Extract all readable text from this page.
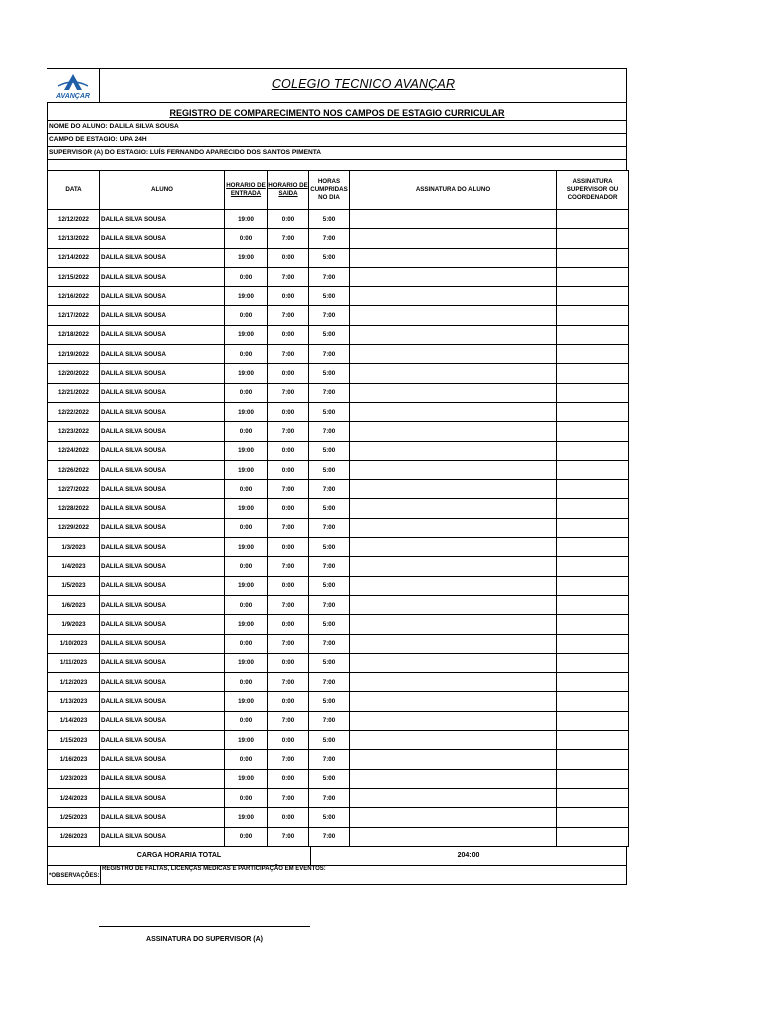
AVANÇAR
COLEGIO TECNICO AVANÇAR
REGISTRO DE COMPARECIMENTO NOS CAMPOS DE ESTAGIO CURRICULAR
NOME DO ALUNO: DALILA SILVA SOUSA
CAMPO DE ESTAGIO: UPA 24H
SUPERVISOR (A) DO ESTAGIO: LUÍS FERNANDO APARECIDO DOS SANTOS PIMENTA
DATA	ALUNO	HORARIO DE ENTRADA	HORARIO DE SAIDA	HORAS CUMPRIDAS NO DIA	ASSINATURA DO ALUNO	ASSINATURA SUPERVISOR OU COORDENADOR
12/12/2022	DALILA SILVA SOUSA	19:00	0:00	5:00		
12/13/2022	DALILA SILVA SOUSA	0:00	7:00	7:00		
12/14/2022	DALILA SILVA SOUSA	19:00	0:00	5:00		
12/15/2022	DALILA SILVA SOUSA	0:00	7:00	7:00		
12/16/2022	DALILA SILVA SOUSA	19:00	0:00	5:00		
12/17/2022	DALILA SILVA SOUSA	0:00	7:00	7:00		
12/18/2022	DALILA SILVA SOUSA	19:00	0:00	5:00		
12/19/2022	DALILA SILVA SOUSA	0:00	7:00	7:00		
12/20/2022	DALILA SILVA SOUSA	19:00	0:00	5:00		
12/21/2022	DALILA SILVA SOUSA	0:00	7:00	7:00		
12/22/2022	DALILA SILVA SOUSA	19:00	0:00	5:00		
12/23/2022	DALILA SILVA SOUSA	0:00	7:00	7:00		
12/24/2022	DALILA SILVA SOUSA	19:00	0:00	5:00		
12/26/2022	DALILA SILVA SOUSA	19:00	0:00	5:00		
12/27/2022	DALILA SILVA SOUSA	0:00	7:00	7:00		
12/28/2022	DALILA SILVA SOUSA	19:00	0:00	5:00		
12/29/2022	DALILA SILVA SOUSA	0:00	7:00	7:00		
1/3/2023	DALILA SILVA SOUSA	19:00	0:00	5:00		
1/4/2023	DALILA SILVA SOUSA	0:00	7:00	7:00		
1/5/2023	DALILA SILVA SOUSA	19:00	0:00	5:00		
1/6/2023	DALILA SILVA SOUSA	0:00	7:00	7:00		
1/9/2023	DALILA SILVA SOUSA	19:00	0:00	5:00		
1/10/2023	DALILA SILVA SOUSA	0:00	7:00	7:00		
1/11/2023	DALILA SILVA SOUSA	19:00	0:00	5:00		
1/12/2023	DALILA SILVA SOUSA	0:00	7:00	7:00		
1/13/2023	DALILA SILVA SOUSA	19:00	0:00	5:00		
1/14/2023	DALILA SILVA SOUSA	0:00	7:00	7:00		
1/15/2023	DALILA SILVA SOUSA	19:00	0:00	5:00		
1/16/2023	DALILA SILVA SOUSA	0:00	7:00	7:00		
1/23/2023	DALILA SILVA SOUSA	19:00	0:00	5:00		
1/24/2023	DALILA SILVA SOUSA	0:00	7:00	7:00		
1/25/2023	DALILA SILVA SOUSA	19:00	0:00	5:00		
1/26/2023	DALILA SILVA SOUSA	0:00	7:00	7:00		
CARGA HORARIA TOTAL	204:00
*OBSERVAÇÕES:
REGISTRO DE FALTAS, LICENÇAS MEDICAS E PARTICIPAÇÃO EM EVENTOS:
ASSINATURA DO SUPERVISOR (A)
